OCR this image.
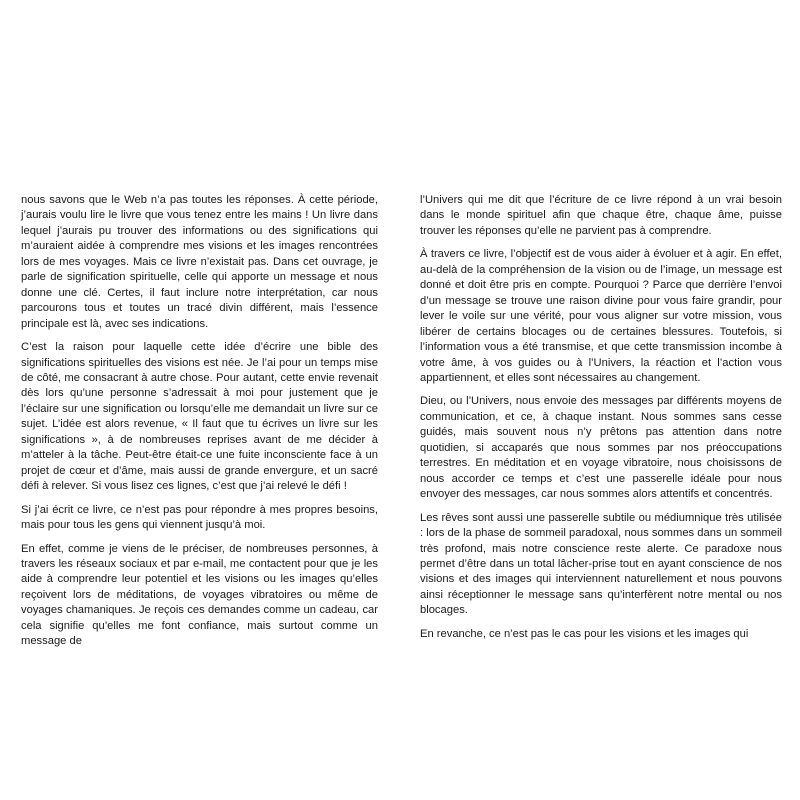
nous savons que le Web n’a pas toutes les réponses. À cette période, j’aurais voulu lire le livre que vous tenez entre les mains ! Un livre dans lequel j’aurais pu trouver des informations ou des significations qui m’auraient aidée à comprendre mes visions et les images rencontrées lors de mes voyages. Mais ce livre n’existait pas. Dans cet ouvrage, je parle de signification spirituelle, celle qui apporte un message et nous donne une clé. Certes, il faut inclure notre interprétation, car nous parcourons tous et toutes un tracé divin différent, mais l’essence principale est là, avec ses indications.

C’est la raison pour laquelle cette idée d’écrire une bible des significations spirituelles des visions est née. Je l’ai pour un temps mise de côté, me consacrant à autre chose. Pour autant, cette envie revenait dès lors qu’une personne s’adressait à moi pour justement que je l’éclaire sur une signification ou lorsqu’elle me demandait un livre sur ce sujet. L’idée est alors revenue, « Il faut que tu écrives un livre sur les significations », à de nombreuses reprises avant de me décider à m’atteler à la tâche. Peut-être était-ce une fuite inconsciente face à un projet de cœur et d’âme, mais aussi de grande envergure, et un sacré défi à relever. Si vous lisez ces lignes, c’est que j’ai relevé le défi !

Si j’ai écrit ce livre, ce n’est pas pour répondre à mes propres besoins, mais pour tous les gens qui viennent jusqu’à moi.

En effet, comme je viens de le préciser, de nombreuses personnes, à travers les réseaux sociaux et par e-mail, me contactent pour que je les aide à comprendre leur potentiel et les visions ou les images qu’elles reçoivent lors de méditations, de voyages vibratoires ou même de voyages chamaniques. Je reçois ces demandes comme un cadeau, car cela signifie qu’elles me font confiance, mais surtout comme un message de

l’Univers qui me dit que l’écriture de ce livre répond à un vrai besoin dans le monde spirituel afin que chaque être, chaque âme, puisse trouver les réponses qu’elle ne parvient pas à comprendre.

À travers ce livre, l’objectif est de vous aider à évoluer et à agir. En effet, au-delà de la compréhension de la vision ou de l’image, un message est donné et doit être pris en compte. Pourquoi ? Parce que derrière l’envoi d’un message se trouve une raison divine pour vous faire grandir, pour lever le voile sur une vérité, pour vous aligner sur votre mission, vous libérer de certains blocages ou de certaines blessures. Toutefois, si l’information vous a été transmise, et que cette transmission incombe à votre âme, à vos guides ou à l’Univers, la réaction et l’action vous appartiennent, et elles sont nécessaires au changement.

Dieu, ou l’Univers, nous envoie des messages par différents moyens de communication, et ce, à chaque instant. Nous sommes sans cesse guidés, mais souvent nous n’y prêtons pas attention dans notre quotidien, si accaparés que nous sommes par nos préoccupations terrestres. En méditation et en voyage vibratoire, nous choisissons de nous accorder ce temps et c’est une passerelle idéale pour nous envoyer des messages, car nous sommes alors attentifs et concentrés.

Les rêves sont aussi une passerelle subtile ou médiumnique très utilisée : lors de la phase de sommeil paradoxal, nous sommes dans un sommeil très profond, mais notre conscience reste alerte. Ce paradoxe nous permet d’être dans un total lâcher-prise tout en ayant conscience de nos visions et des images qui interviennent naturellement et nous pouvons ainsi réceptionner le message sans qu’interfèrent notre mental ou nos blocages.

En revanche, ce n’est pas le cas pour les visions et les images qui
